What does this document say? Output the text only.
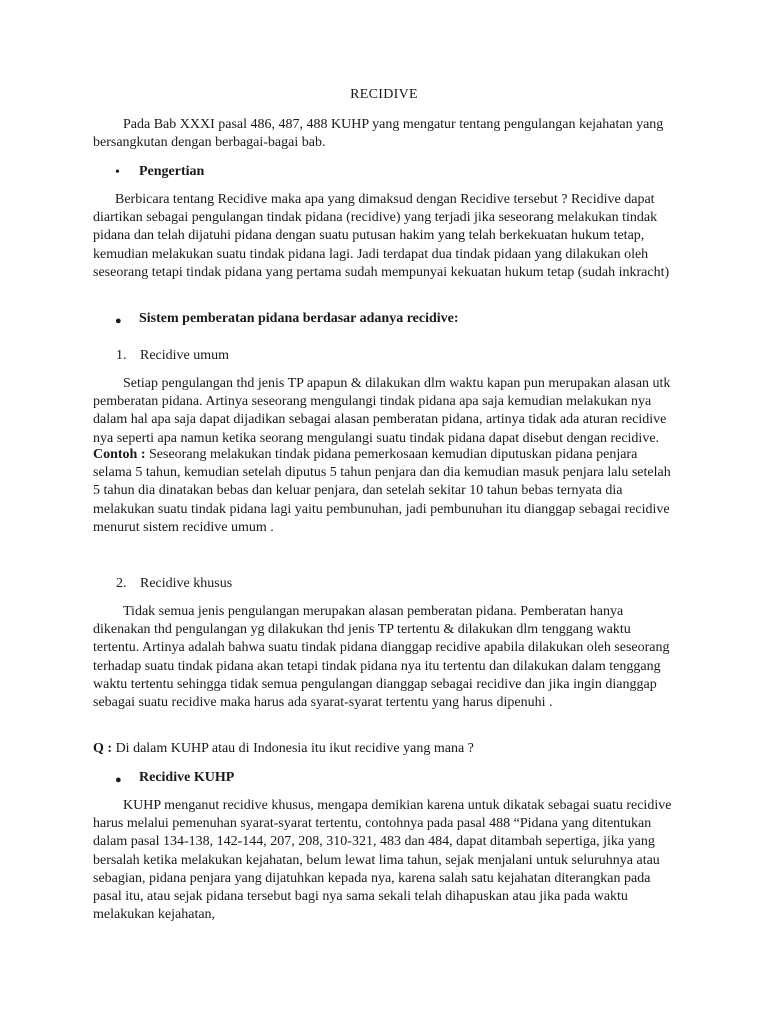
RECIDIVE

Pada Bab XXXI pasal 486, 487, 488 KUHP yang mengatur tentang pengulangan kejahatan yang bersangkutan dengan berbagai-bagai bab.

• Pengertian

Berbicara tentang Recidive maka apa yang dimaksud dengan Recidive tersebut ? Recidive dapat diartikan sebagai pengulangan tindak pidana (recidive) yang terjadi jika seseorang melakukan tindak pidana dan telah dijatuhi pidana dengan suatu putusan hakim yang telah berkekuatan hukum tetap, kemudian melakukan suatu tindak pidana lagi. Jadi terdapat dua tindak pidaan yang dilakukan oleh seseorang tetapi tindak pidana yang pertama sudah mempunyai kekuatan hukum tetap (sudah inkracht)

● Sistem pemberatan pidana berdasar adanya recidive:
1. Recidive umum

Setiap pengulangan thd jenis TP apapun & dilakukan dlm waktu kapan pun merupakan alasan utk pemberatan pidana. Artinya seseorang mengulangi tindak pidana apa saja kemudian melakukan nya dalam hal apa saja dapat dijadikan sebagai alasan pemberatan pidana, artinya tidak ada aturan recidive nya seperti apa namun ketika seorang mengulangi suatu tindak pidana dapat disebut dengan recidive.

Contoh : Seseorang melakukan tindak pidana pemerkosaan kemudian diputuskan pidana penjara selama 5 tahun, kemudian setelah diputus 5 tahun penjara dan dia kemudian masuk penjara lalu setelah 5 tahun dia dinatakan bebas dan keluar penjara, dan setelah sekitar 10 tahun bebas ternyata dia melakukan suatu tindak pidana lagi yaitu pembunuhan, jadi pembunuhan itu dianggap sebagai recidive menurut sistem recidive umum .

2. Recidive khusus

Tidak semua jenis pengulangan merupakan alasan pemberatan pidana. Pemberatan hanya dikenakan thd pengulangan yg dilakukan thd jenis TP tertentu & dilakukan dlm tenggang waktu tertentu. Artinya adalah bahwa suatu tindak pidana dianggap recidive apabila dilakukan oleh seseorang terhadap suatu tindak pidana akan tetapi tindak pidana nya itu tertentu dan dilakukan dalam tenggang waktu tertentu sehingga tidak semua pengulangan dianggap sebagai recidive dan jika ingin dianggap sebagai suatu recidive maka harus ada syarat-syarat tertentu yang harus dipenuhi .

Q : Di dalam KUHP atau di Indonesia itu ikut recidive yang mana ?

● Recidive KUHP

KUHP menganut recidive khusus, mengapa demikian karena untuk dikatak sebagai suatu recidive harus melalui pemenuhan syarat-syarat tertentu, contohnya pada pasal 488 “Pidana yang ditentukan dalam pasal 134-138, 142-144, 207, 208, 310-321, 483 dan 484, dapat ditambah sepertiga, jika yang bersalah ketika melakukan kejahatan, belum lewat lima tahun, sejak menjalani untuk seluruhnya atau sebagian, pidana penjara yang dijatuhkan kepada nya, karena salah satu kejahatan diterangkan pada pasal itu, atau sejak pidana tersebut bagi nya sama sekali telah dihapuskan atau jika pada waktu melakukan kejahatan,
